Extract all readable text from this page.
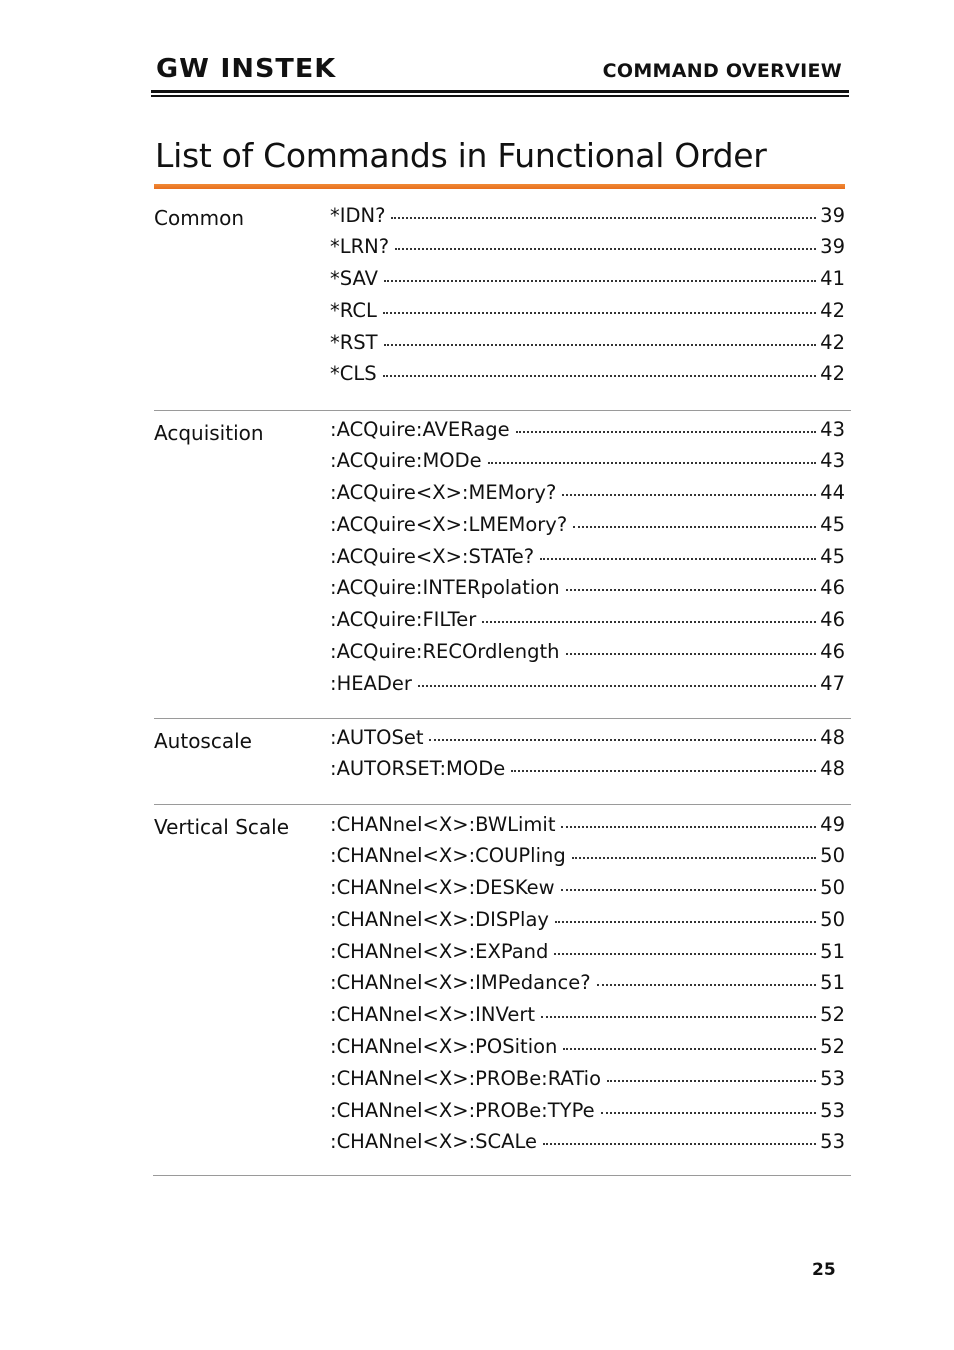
GW INSTEK	COMMAND OVERVIEW
List of Commands in Functional Order
Common	*IDN?	39
*LRN?	39
*SAV	41
*RCL	42
*RST	42
*CLS	42
Acquisition	:ACQuire:AVERage	43
:ACQuire:MODe	43
:ACQuire<X>:MEMory?	44
:ACQuire<X>:LMEMory?	45
:ACQuire<X>:STATe?	45
:ACQuire:INTERpolation	46
:ACQuire:FILTer	46
:ACQuire:RECOrdlength	46
:HEADer	47
Autoscale	:AUTOSet	48
:AUTORSET:MODe	48
Vertical Scale :CHANnel<X>:BWLimit	49
:CHANnel<X>:COUPling	50
:CHANnel<X>:DESKew	50
:CHANnel<X>:DISPlay	50
:CHANnel<X>:EXPand	51
:CHANnel<X>:IMPedance?	51
:CHANnel<X>:INVert	52
:CHANnel<X>:POSition	52
:CHANnel<X>:PROBe:RATio	53
:CHANnel<X>:PROBe:TYPe	53
:CHANnel<X>:SCALe	53
25
